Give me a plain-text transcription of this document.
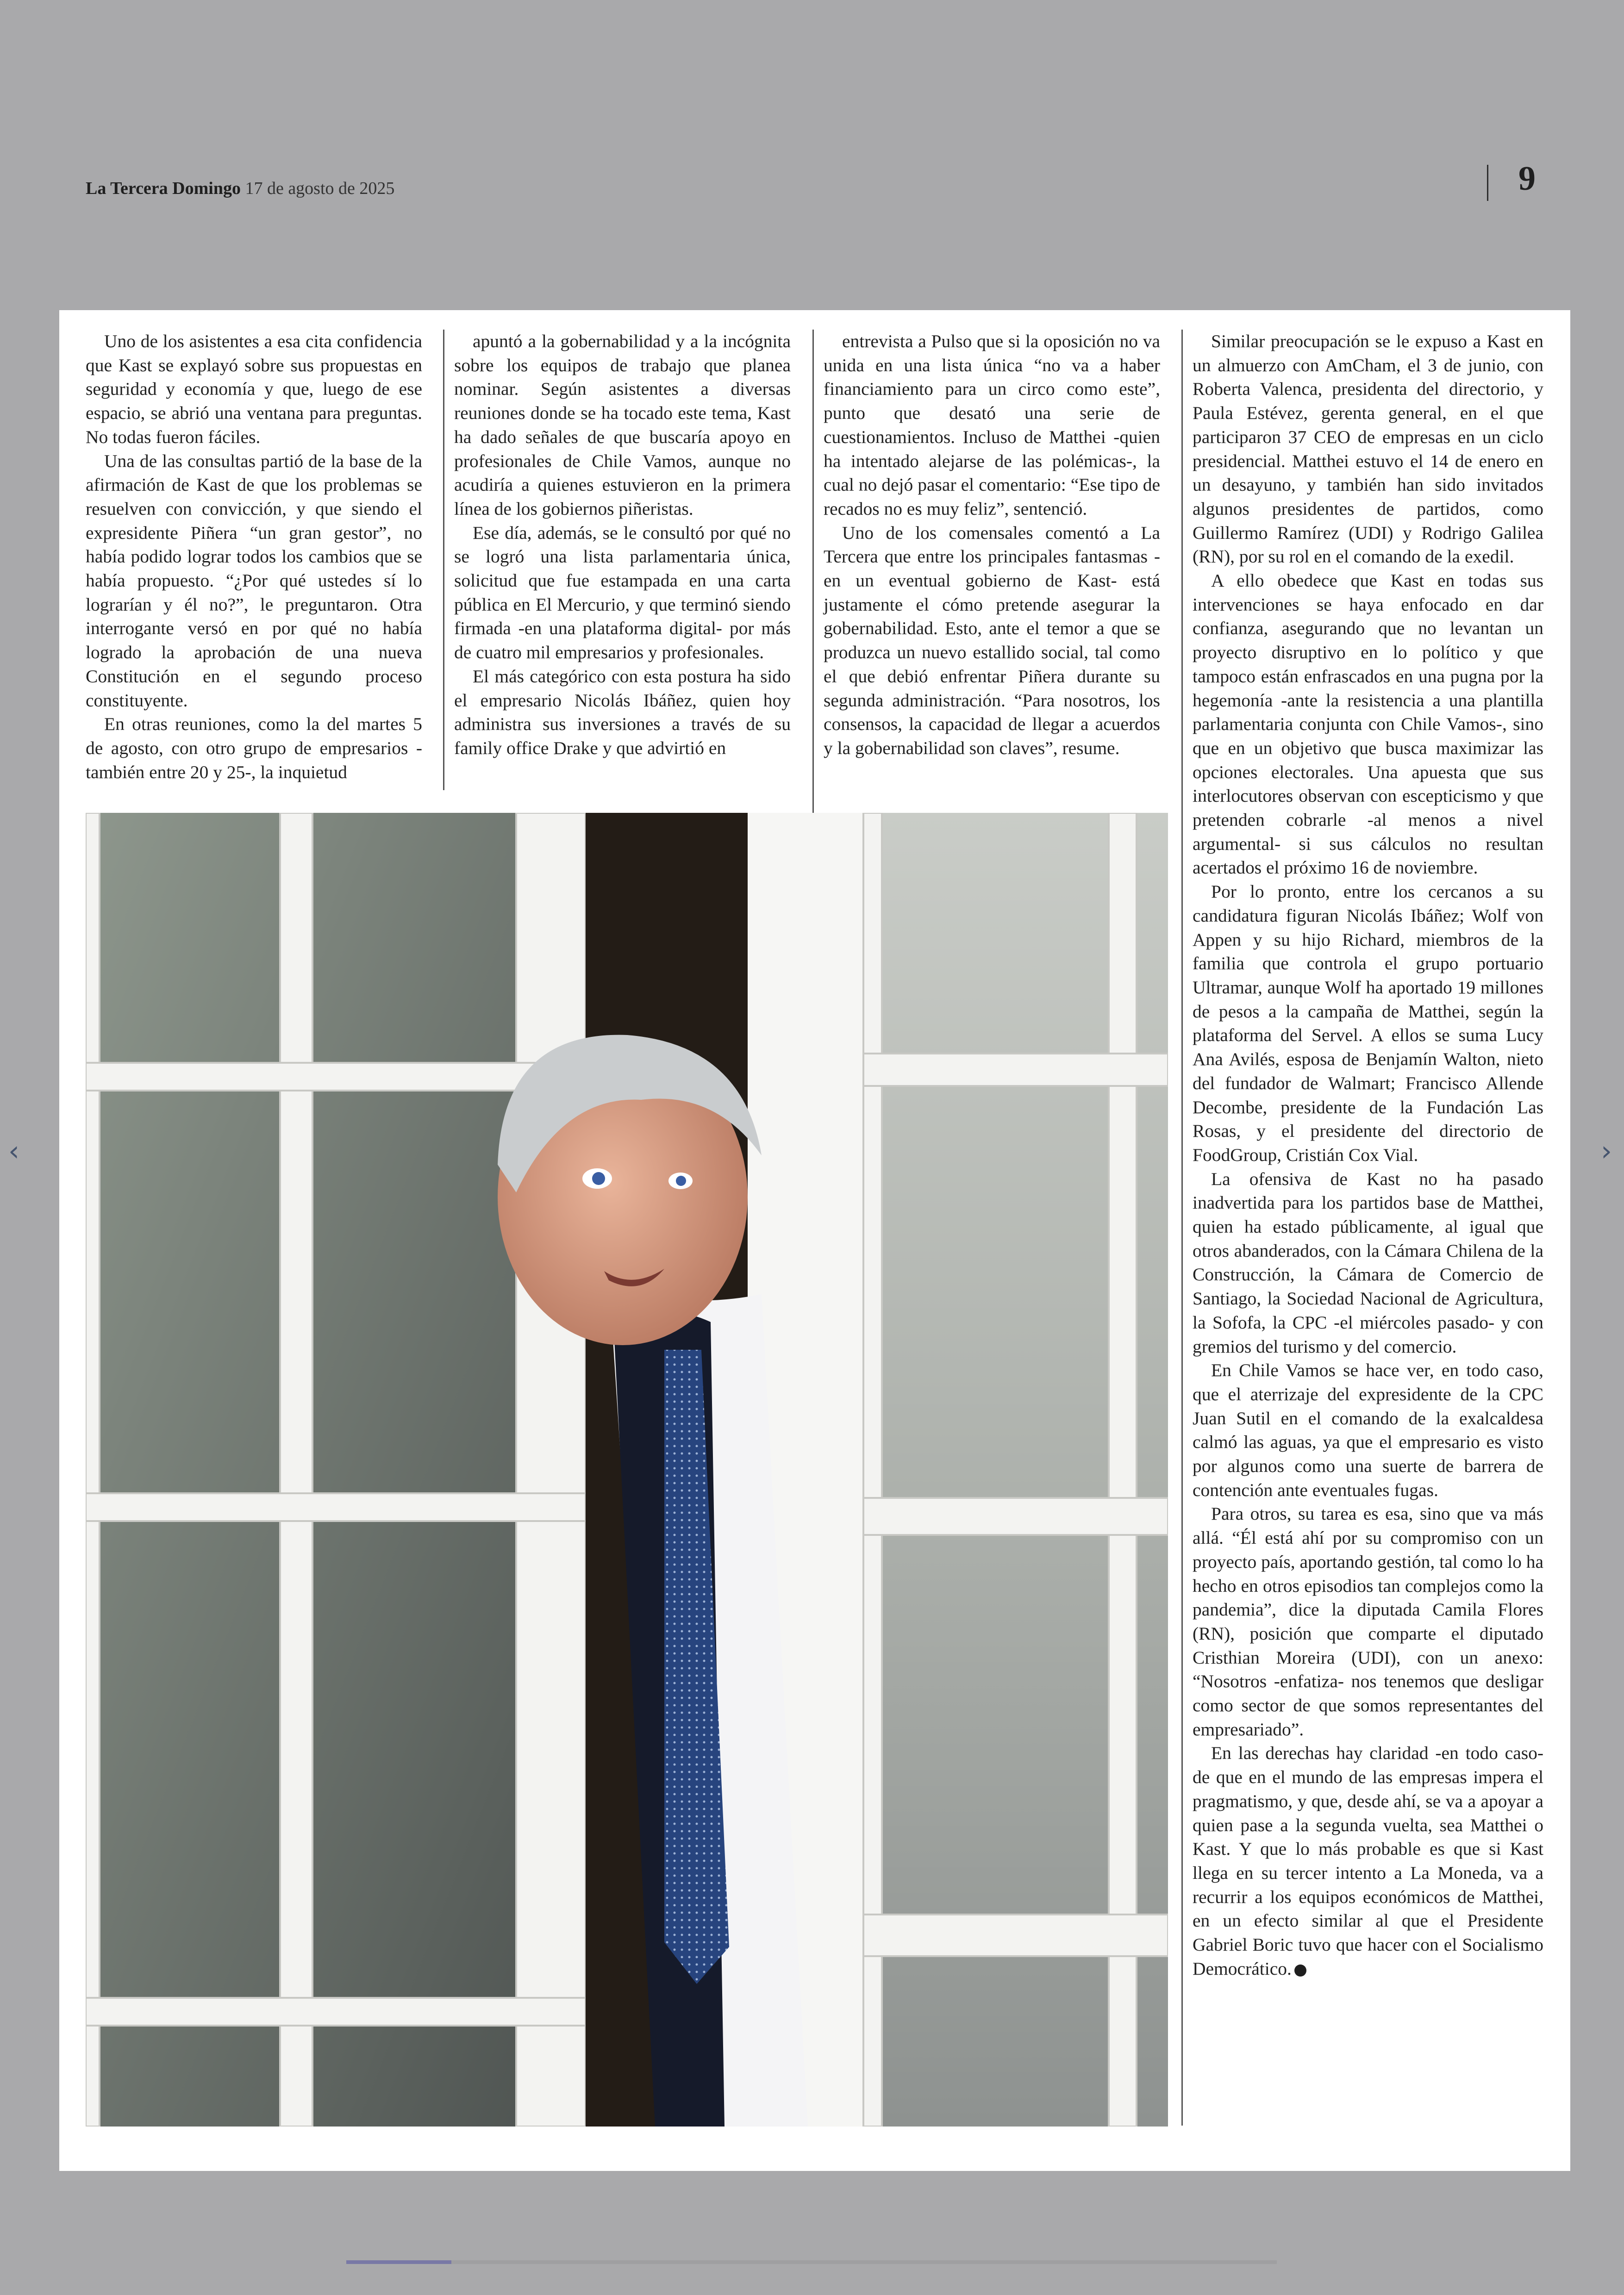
La Tercera Domingo 17 de agosto de 2025	9

Uno de los asistentes a esa cita confidencia que Kast se explayó sobre sus propuestas en seguridad y economía y que, luego de ese espacio, se abrió una ventana para preguntas. No todas fueron fáciles.

Una de las consultas partió de la base de la afirmación de Kast de que los problemas se resuelven con convicción, y que siendo el expresidente Piñera “un gran gestor”, no había podido lograr todos los cambios que se había propuesto. “¿Por qué ustedes sí lo lograrían y él no?”, le preguntaron. Otra interrogante versó en por qué no había logrado la aprobación de una nueva Constitución en el segundo proceso constituyente.

En otras reuniones, como la del martes 5 de agosto, con otro grupo de empresarios -también entre 20 y 25-, la inquietud

apuntó a la gobernabilidad y a la incógnita sobre los equipos de trabajo que planea nominar. Según asistentes a diversas reuniones donde se ha tocado este tema, Kast ha dado señales de que buscaría apoyo en profesionales de Chile Vamos, aunque no acudiría a quienes estuvieron en la primera línea de los gobiernos piñeristas.

Ese día, además, se le consultó por qué no se logró una lista parlamentaria única, solicitud que fue estampada en una carta pública en El Mercurio, y que terminó siendo firmada -en una plataforma digital- por más de cuatro mil empresarios y profesionales.

El más categórico con esta postura ha sido el empresario Nicolás Ibáñez, quien hoy administra sus inversiones a través de su family office Drake y que advirtió en

entrevista a Pulso que si la oposición no va unida en una lista única “no va a haber financiamiento para un circo como este”, punto que desató una serie de cuestionamientos. Incluso de Matthei -quien ha intentado alejarse de las polémicas-, la cual no dejó pasar el comentario: “Ese tipo de recados no es muy feliz”, sentenció.

Uno de los comensales comentó a La Tercera que entre los principales fantasmas -en un eventual gobierno de Kast- está justamente el cómo pretende asegurar la gobernabilidad. Esto, ante el temor a que se produzca un nuevo estallido social, tal como el que debió enfrentar Piñera durante su segunda administración. “Para nosotros, los consensos, la capacidad de llegar a acuerdos y la gobernabilidad son claves”, resume.

Similar preocupación se le expuso a Kast en un almuerzo con AmCham, el 3 de junio, con Roberta Valenca, presidenta del directorio, y Paula Estévez, gerenta general, en el que participaron 37 CEO de empresas en un ciclo presidencial. Matthei estuvo el 14 de enero en un desayuno, y también han sido invitados algunos presidentes de partidos, como Guillermo Ramírez (UDI) y Rodrigo Galilea (RN), por su rol en el comando de la exedil.

A ello obedece que Kast en todas sus intervenciones se haya enfocado en dar confianza, asegurando que no levantan un proyecto disruptivo en lo político y que tampoco están enfrascados en una pugna por la hegemonía -ante la resistencia a una plantilla parlamentaria conjunta con Chile Vamos-, sino que en un objetivo que busca maximizar las opciones electorales. Una apuesta que sus interlocutores observan con escepticismo y que pretenden cobrarle -al menos a nivel argumental- si sus cálculos no resultan acertados el próximo 16 de noviembre.

Por lo pronto, entre los cercanos a su candidatura figuran Nicolás Ibáñez; Wolf von Appen y su hijo Richard, miembros de la familia que controla el grupo portuario Ultramar, aunque Wolf ha aportado 19 millones de pesos a la campaña de Matthei, según la plataforma del Servel. A ellos se suma Lucy Ana Avilés, esposa de Benjamín Walton, nieto del fundador de Walmart; Francisco Allende Decombe, presidente de la Fundación Las Rosas, y el presidente del directorio de FoodGroup, Cristián Cox Vial.

La ofensiva de Kast no ha pasado inadvertida para los partidos base de Matthei, quien ha estado públicamente, al igual que otros abanderados, con la Cámara Chilena de la Construcción, la Cámara de Comercio de Santiago, la Sociedad Nacional de Agricultura, la Sofofa, la CPC -el miércoles pasado- y con gremios del turismo y del comercio.

En Chile Vamos se hace ver, en todo caso, que el aterrizaje del expresidente de la CPC Juan Sutil en el comando de la exalcaldesa calmó las aguas, ya que el empresario es visto por algunos como una suerte de barrera de contención ante eventuales fugas.

Para otros, su tarea es esa, sino que va más allá. “Él está ahí por su compromiso con un proyecto país, aportando gestión, tal como lo ha hecho en otros episodios tan complejos como la pandemia”, dice la diputada Camila Flores (RN), posición que comparte el diputado Cristhian Moreira (UDI), con un anexo: “Nosotros -enfatiza- nos tenemos que desligar como sector de que somos representantes del empresariado”.

En las derechas hay claridad -en todo caso- de que en el mundo de las empresas impera el pragmatismo, y que, desde ahí, se va a apoyar a quien pase a la segunda vuelta, sea Matthei o Kast. Y que lo más probable es que si Kast llega en su tercer intento a La Moneda, va a recurrir a los equipos económicos de Matthei, en un efecto similar al que el Presidente Gabriel Boric tuvo que hacer con el Socialismo Democrático.

‹	›
